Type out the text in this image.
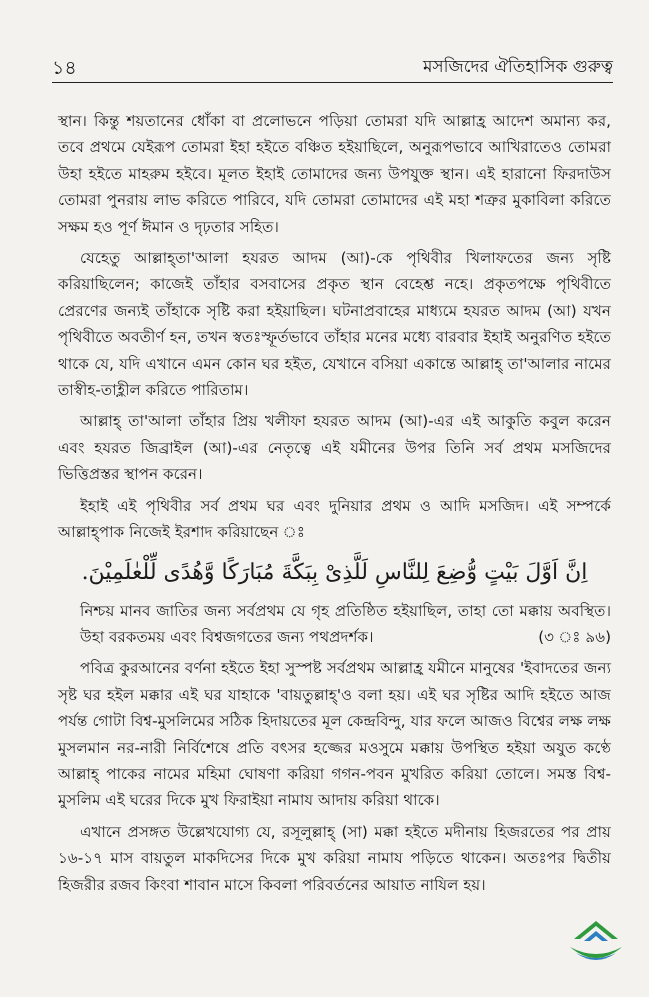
১৪	মসজিদের ঐতিহাসিক গুরুত্ব

স্থান। কিন্তু শয়তানের ধোঁকা বা প্রলোভনে পড়িয়া তোমরা যদি আল্লাহ্র আদেশ অমান্য কর, তবে প্রথমে যেইরূপ তোমরা ইহা হইতে বঞ্চিত হইয়াছিলে, অনুরূপভাবে আখিরাতেও তোমরা উহা হইতে মাহরুম হইবে। মূলত ইহাই তোমাদের জন্য উপযুক্ত স্থান। এই হারানো ফিরদাউস তোমরা পুনরায় লাভ করিতে পারিবে, যদি তোমরা তোমাদের এই মহা শত্রুর মুকাবিলা করিতে সক্ষম হও পূর্ণ ঈমান ও দৃঢ়তার সহিত।

যেহেতু আল্লাহ্তা'আলা হযরত আদম (আ)-কে পৃথিবীর খিলাফতের জন্য সৃষ্টি করিয়াছিলেন; কাজেই তাঁহার বসবাসের প্রকৃত স্থান বেহেশ্ত নহে। প্রকৃতপক্ষে পৃথিবীতে প্রেরণের জন্যই তাঁহাকে সৃষ্টি করা হইয়াছিল। ঘটনাপ্রবাহের মাধ্যমে হযরত আদম (আ) যখন পৃথিবীতে অবতীর্ণ হন, তখন স্বতঃস্ফূর্তভাবে তাঁহার মনের মধ্যে বারবার ইহাই অনুরণিত হইতে থাকে যে, যদি এখানে এমন কোন ঘর হইত, যেখানে বসিয়া একান্তে আল্লাহ্ তা'আলার নামের তাস্বীহ-তাহ্লীল করিতে পারিতাম।

আল্লাহ্ তা'আলা তাঁহার প্রিয় খলীফা হযরত আদম (আ)-এর এই আকুতি কবুল করেন এবং হযরত জিব্রাইল (আ)-এর নেতৃত্বে এই যমীনের উপর তিনি সর্ব প্রথম মসজিদের ভিত্তিপ্রস্তর স্থাপন করেন।

ইহাই এই পৃথিবীর সর্ব প্রথম ঘর এবং দুনিয়ার প্রথম ও আদি মসজিদ। এই সম্পর্কে আল্লাহ্পাক নিজেই ইরশাদ করিয়াছেন ঃ

اِنَّ اَوَّلَ بَيْتٍ وُّضِعَ لِلنَّاسِ لَلَّذِىْ بِبَكَّةَ مُبَارَكًا وَّهُدًى لِّلْعٰلَمِيْنَ.

নিশ্চয় মানব জাতির জন্য সর্বপ্রথম যে গৃহ প্রতিষ্ঠিত হইয়াছিল, তাহা তো মক্কায় অবস্থিত। উহা বরকতময় এবং বিশ্বজগতের জন্য পথপ্রদর্শক।	(৩ ঃ ৯৬)

পবিত্র কুরআনের বর্ণনা হইতে ইহা সুস্পষ্ট সর্বপ্রথম আল্লাহ্র যমীনে মানুষের 'ইবাদতের জন্য সৃষ্ট ঘর হইল মক্কার এই ঘর যাহাকে 'বায়তুল্লাহ্'ও বলা হয়। এই ঘর সৃষ্টির আদি হইতে আজ পর্যন্ত গোটা বিশ্ব-মুসলিমের সঠিক হিদায়তের মূল কেন্দ্রবিন্দু, যার ফলে আজও বিশ্বের লক্ষ লক্ষ মুসলমান নর-নারী নির্বিশেষে প্রতি বৎসর হজ্জের মওসুমে মক্কায় উপস্থিত হইয়া অযুত কণ্ঠে আল্লাহ্ পাকের নামের মহিমা ঘোষণা করিয়া গগন-পবন মুখরিত করিয়া তোলে। সমস্ত বিশ্ব-মুসলিম এই ঘরের দিকে মুখ ফিরাইয়া নামায আদায় করিয়া থাকে।

এখানে প্রসঙ্গত উল্লেখযোগ্য যে, রসূলুল্লাহ্ (সা) মক্কা হইতে মদীনায় হিজরতের পর প্রায় ১৬-১৭ মাস বায়তুল মাকদিসের দিকে মুখ করিয়া নামায পড়িতে থাকেন। অতঃপর দ্বিতীয় হিজরীর রজব কিংবা শাবান মাসে কিবলা পরিবর্তনের আয়াত নাযিল হয়।
